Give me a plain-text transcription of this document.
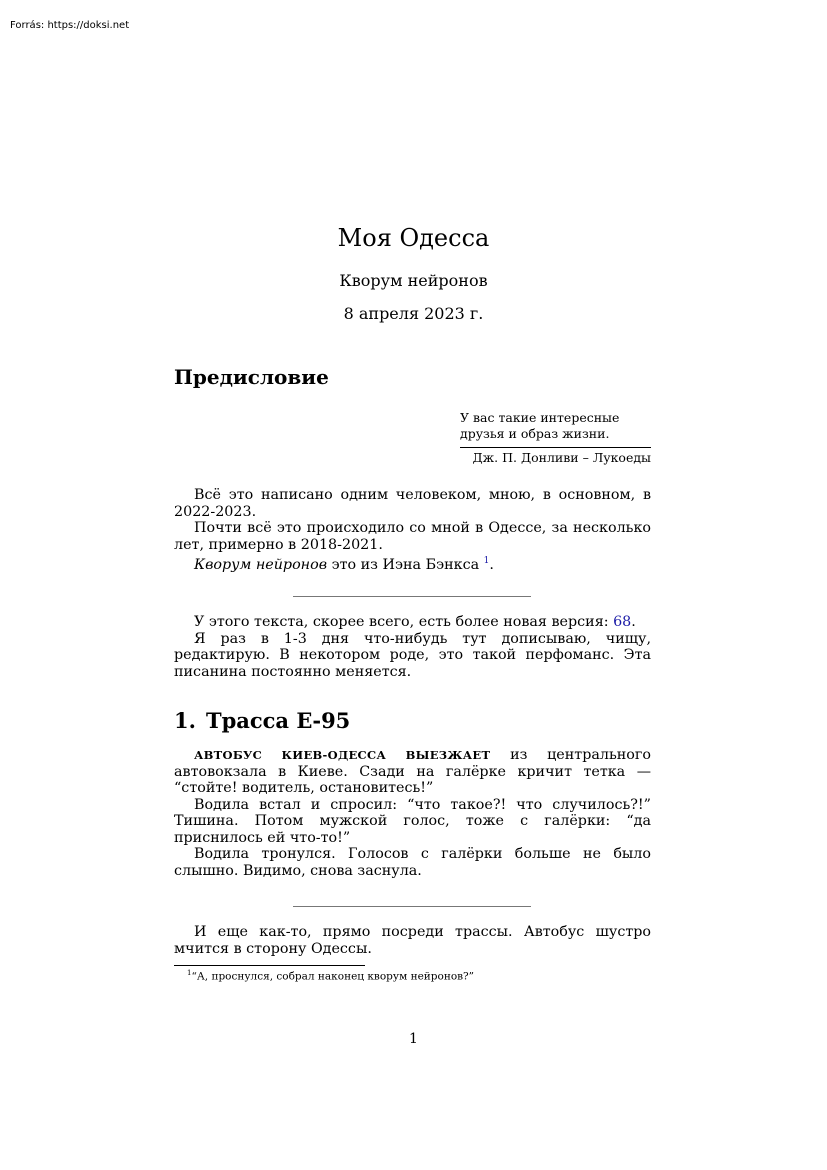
Forrás: https://doksi.net
Моя Одесса
Кворум нейронов
8 апреля 2023 г.
Предисловие
У вас такие интересные
друзья и образ жизни.
Дж. П. Донливи – Лукоеды

Всё это написано одним человеком, мною, в основном, в 2022-2023.

Почти всё это происходило со мной в Одессе, за несколько лет, примерно в 2018-2021.

Кворум нейронов это из Иэна Бэнкса $^1$.

У этого текста, скорее всего, есть более новая версия: 68.

Я раз в 1-3 дня что-нибудь тут дописываю, чищу, редактирую. В некотором роде, это такой перфоманс. Эта писанина постоянно меняется.

1. Трасса Е-95

АВТОБУС КИЕВ-ОДЕССА ВЫЕЗЖАЕТ из центрального автовокзала в Киеве. Сзади на галёрке кричит тетка — “стойте! водитель, остановитесь!”

Водила встал и спросил: “что такое?! что случилось?!” Тишина. Потом мужской голос, тоже с галёрки: “да приснилось ей что-то!”

Водила тронулся. Голосов с галёрки больше не было слышно. Видимо, снова заснула.

И еще как-то, прямо посреди трассы. Автобус шустро мчится в сторону Одессы.

$^1$“А, проснулся, собрал наконец кворум нейронов?”
1
